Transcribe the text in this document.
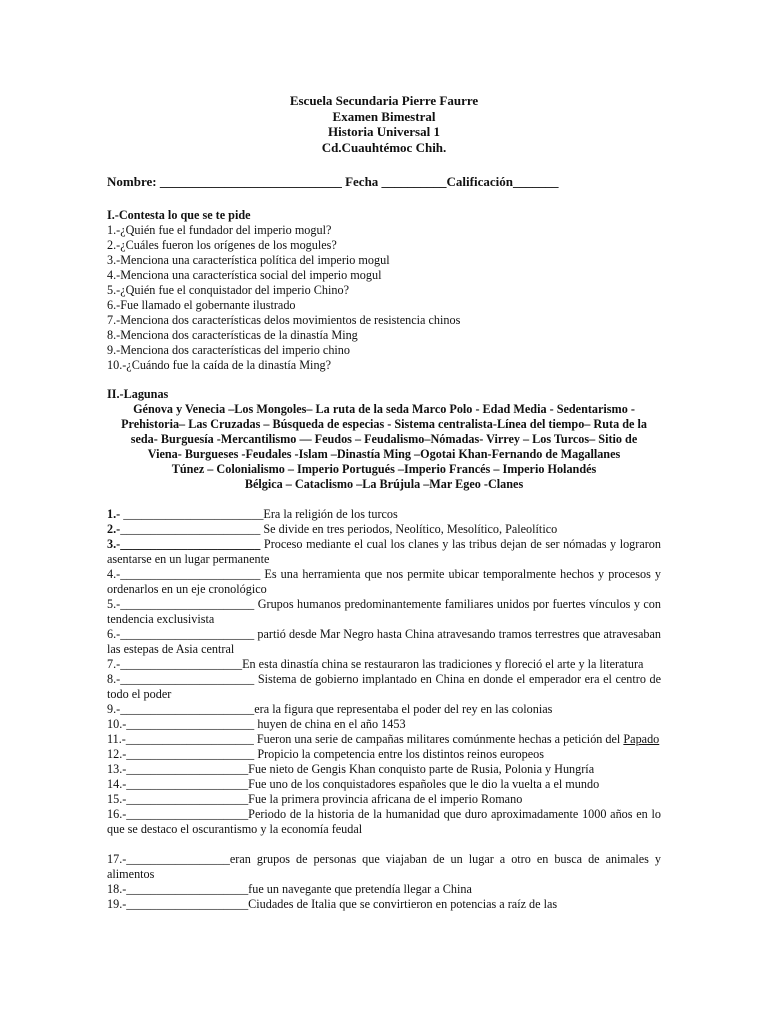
Escuela Secundaria Pierre Faurre
Examen Bimestral
Historia Universal 1
Cd.Cuauhtémoc Chih.
Nombre: ____________________________ Fecha __________Calificación_______
I.-Contesta lo que se te pide
1.-¿Quién fue el fundador del imperio mogul?
2.-¿Cuáles fueron los orígenes de los mogules?
3.-Menciona una característica política del imperio mogul
4.-Menciona una característica social del imperio mogul
5.-¿Quién fue el conquistador del imperio Chino?
6.-Fue llamado el gobernante ilustrado
7.-Menciona dos características delos movimientos de resistencia chinos
8.-Menciona dos características de la dinastía Ming
9.-Menciona dos características del imperio chino
10.-¿Cuándo fue la caída de la dinastía Ming?
II.-Lagunas
Génova y Venecia –Los Mongoles– La ruta de la seda Marco Polo - Edad Media - Sedentarismo -
Prehistoria– Las Cruzadas – Búsqueda de especias - Sistema centralista-Línea del tiempo– Ruta de la
seda- Burguesía -Mercantilismo — Feudos – Feudalismo–Nómadas- Virrey – Los Turcos– Sitio de
Viena- Burgueses -Feudales -Islam –Dinastía Ming –Ogotai Khan-Fernando de Magallanes
Túnez – Colonialismo – Imperio Portugués –Imperio Francés – Imperio Holandés
Bélgica – Cataclismo –La Brújula –Mar Egeo -Clanes
1.- _______________________Era la religión de los turcos
2.-_______________________ Se divide en tres periodos, Neolítico, Mesolítico, Paleolítico
3.-_______________________ Proceso mediante el cual los clanes y las tribus dejan de ser nómadas y lograron asentarse en un lugar permanente
4.-_______________________ Es una herramienta que nos permite ubicar temporalmente hechos y procesos y ordenarlos en un eje cronológico
5.-______________________ Grupos humanos predominantemente familiares unidos por fuertes vínculos y con tendencia exclusivista
6.-______________________ partió desde Mar Negro hasta China atravesando tramos terrestres que atravesaban las estepas de Asia central
7.-____________________En esta dinastía china se restauraron las tradiciones y floreció el arte y la literatura
8.-______________________ Sistema de gobierno implantado en China en donde el emperador era el centro de todo el poder
9.-______________________era la figura que representaba el poder del rey en las colonias
10.-_____________________ huyen de china en el año 1453
11.-_____________________ Fueron una serie de campañas militares comúnmente hechas a petición del Papado
12.-_____________________ Propicio la competencia entre los distintos reinos europeos
13.-____________________Fue nieto de Gengis Khan conquisto parte de Rusia, Polonia y Hungría
14.-____________________Fue uno de los conquistadores españoles que le dio la vuelta a el mundo
15.-____________________Fue la primera provincia africana de el imperio Romano
16.-____________________Periodo de la historia de la humanidad que duro aproximadamente 1000 años en lo que se destaco el oscurantismo y la economía feudal
17.-_________________eran grupos de personas que viajaban de un lugar a otro en busca de animales y alimentos
18.-____________________fue un navegante que pretendía llegar a China
19.-____________________Ciudades de Italia que se convirtieron en potencias a raíz de las
